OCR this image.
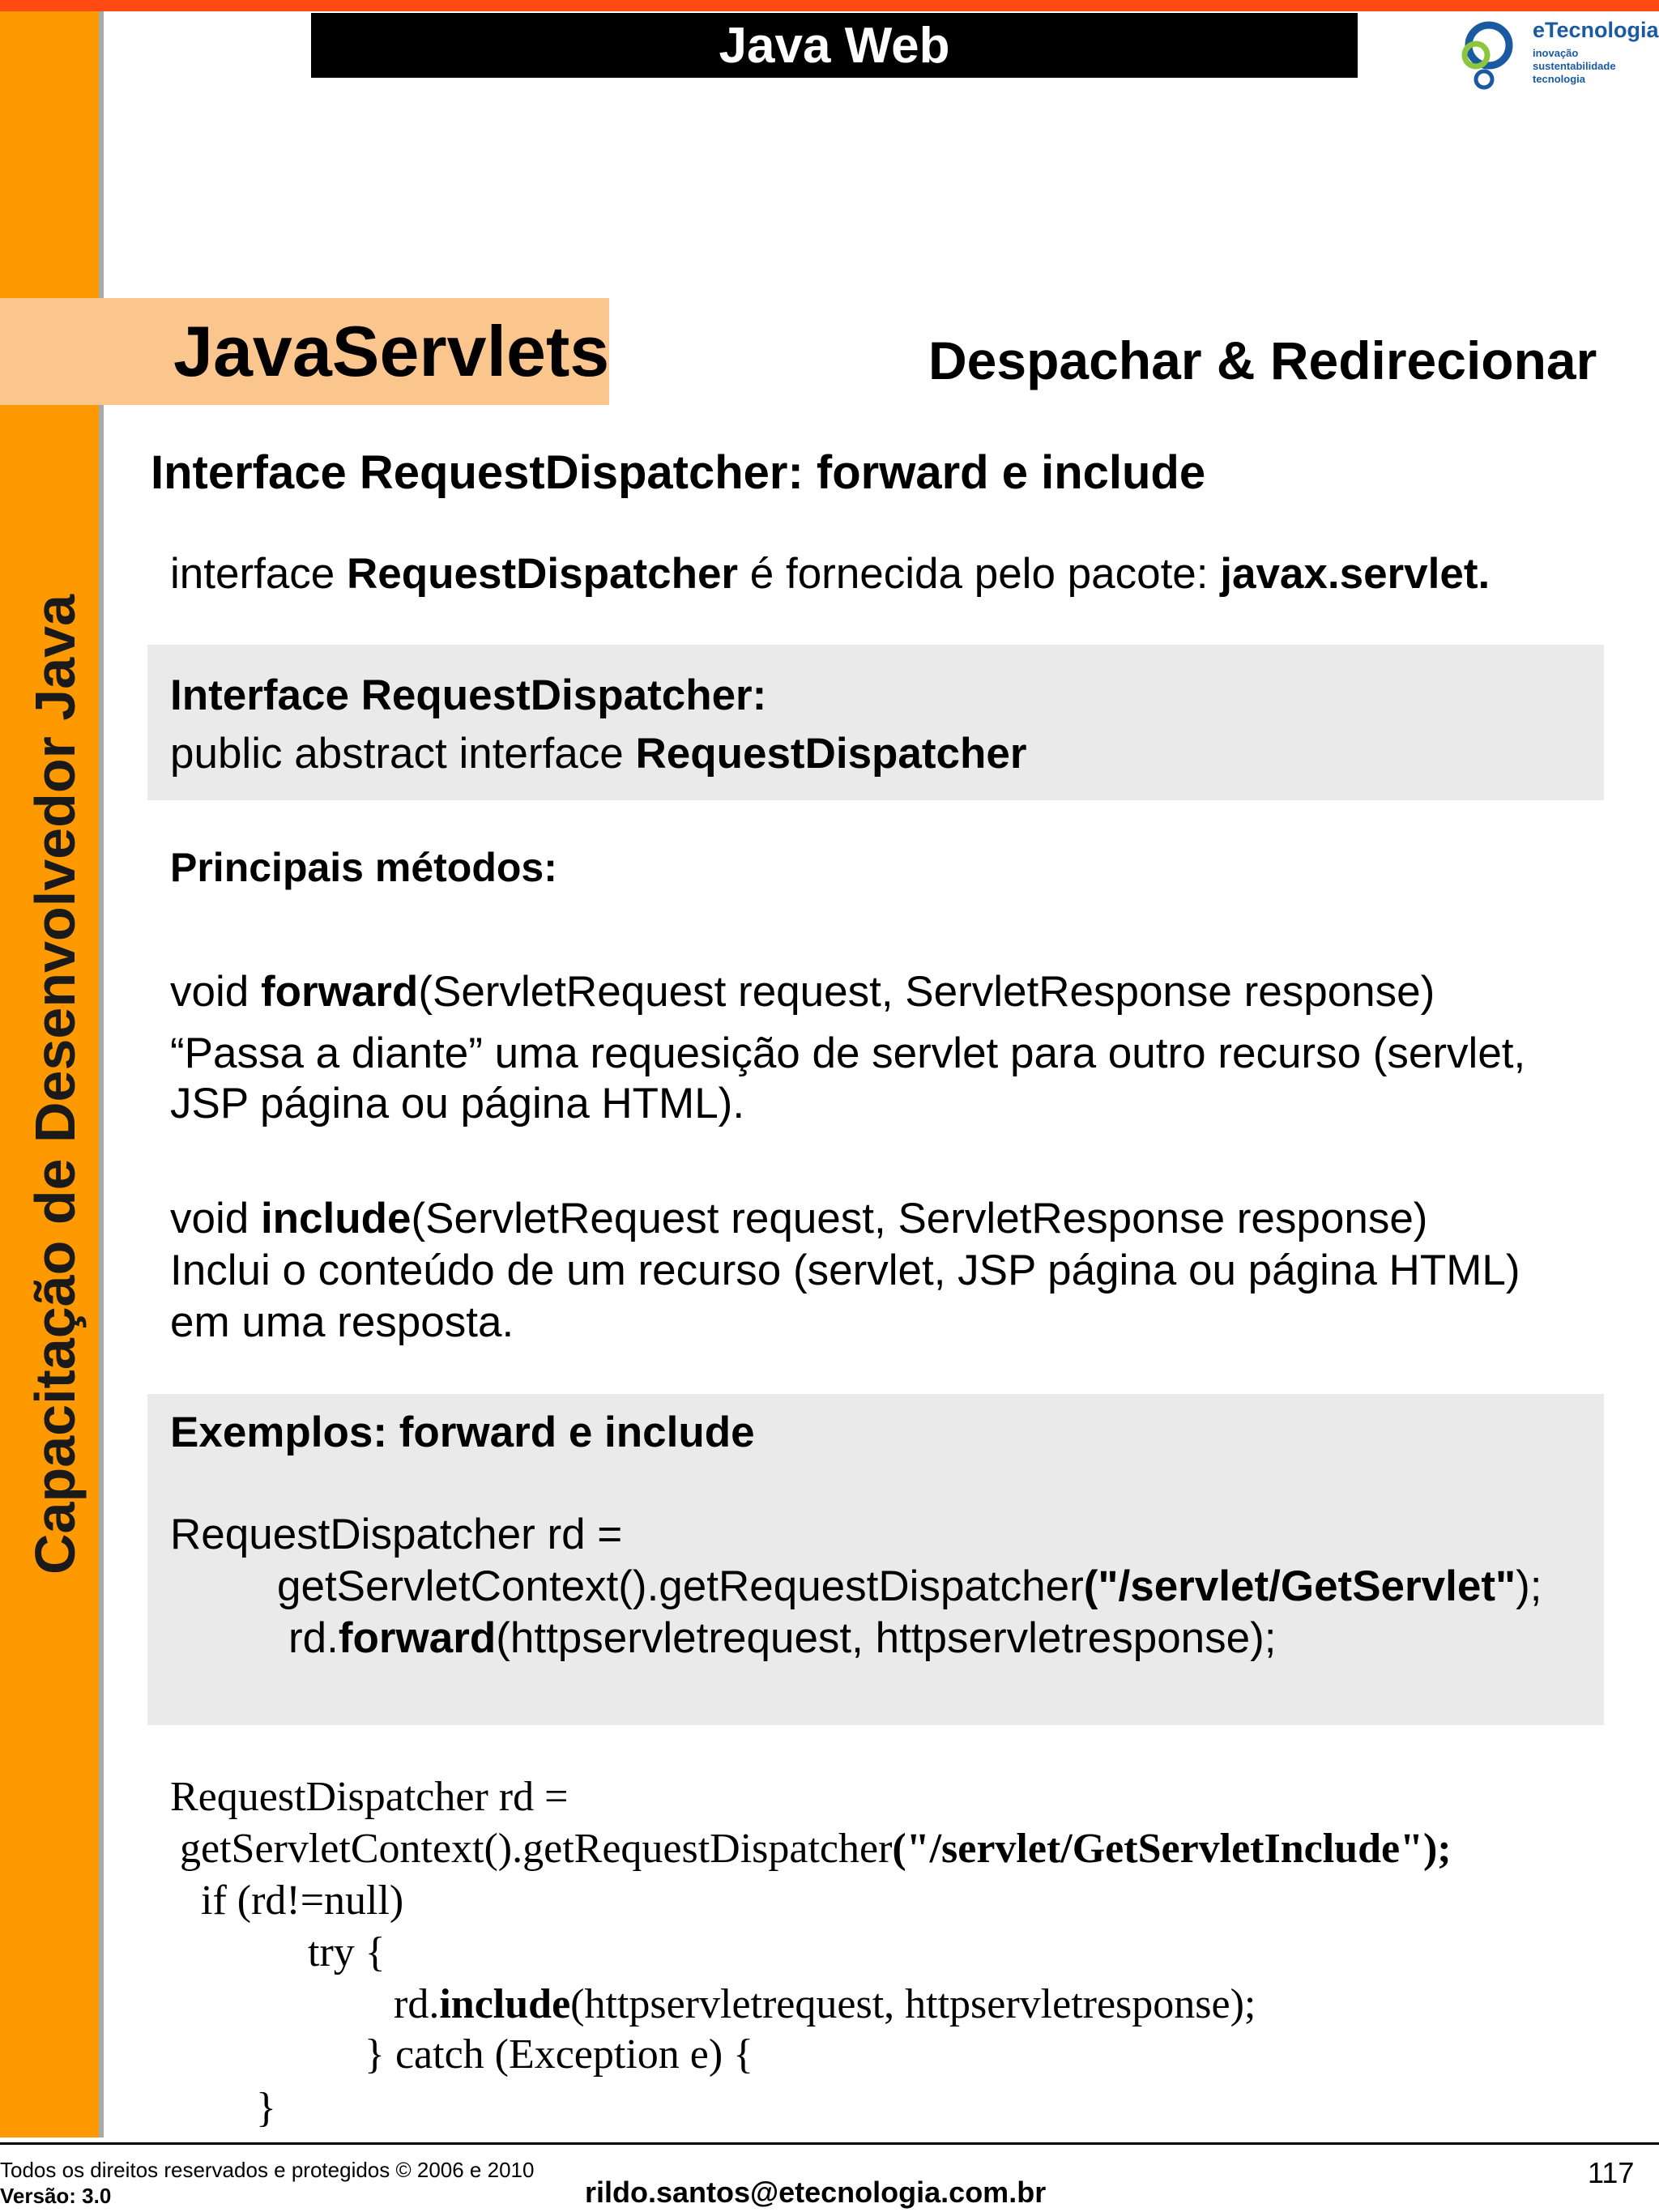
Capacitação de Desenvolvedor Java
Java Web	eTecnologia
inovação
sustentabilidade
tecnologia
JavaServlets	Despachar & Redirecionar
Interface RequestDispatcher: forward e include
interface RequestDispatcher é fornecida pelo pacote: javax.servlet.
Interface RequestDispatcher:
public abstract interface RequestDispatcher
Principais métodos:
void forward(ServletRequest request, ServletResponse response)
“Passa a diante” uma requesição de servlet para outro recurso (servlet,
JSP página ou página HTML).
void include(ServletRequest request, ServletResponse response)
Inclui o conteúdo de um recurso (servlet, JSP página ou página HTML)
em uma resposta.
Exemplos: forward e include
RequestDispatcher rd =
getServletContext().getRequestDispatcher("/servlet/GetServlet");
rd.forward(httpservletrequest, httpservletresponse);
RequestDispatcher rd =
getServletContext().getRequestDispatcher("/servlet/GetServletInclude");
if (rd!=null)
try {
rd.include(httpservletrequest, httpservletresponse);
} catch (Exception e) {
}
Todos os direitos reservados e protegidos © 2006 e 2010
Versão: 3.0	rildo.santos@etecnologia.com.br
117
